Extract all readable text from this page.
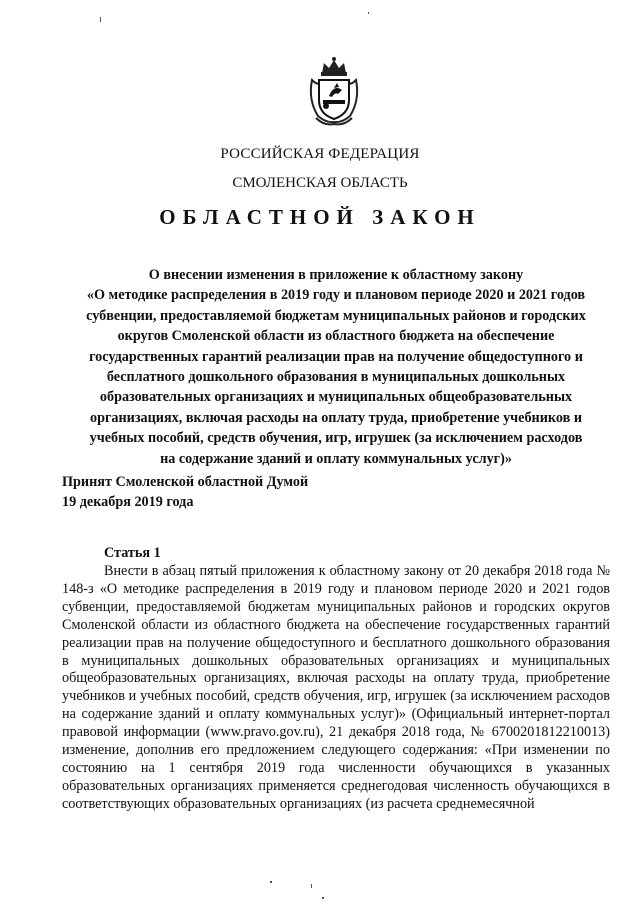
РОССИЙСКАЯ ФЕДЕРАЦИЯ
СМОЛЕНСКАЯ ОБЛАСТЬ
ОБЛАСТНОЙ ЗАКОН
О внесении изменения в приложение к областному закону
«О методике распределения в 2019 году и плановом периоде 2020 и 2021 годов
субвенции, предоставляемой бюджетам муниципальных районов и городских
округов Смоленской области из областного бюджета на обеспечение
государственных гарантий реализации прав на получение общедоступного и
бесплатного дошкольного образования в муниципальных дошкольных
образовательных организациях и муниципальных общеобразовательных
организациях, включая расходы на оплату труда, приобретение учебников и
учебных пособий, средств обучения, игр, игрушек (за исключением расходов
на содержание зданий и оплату коммунальных услуг)»
Принят Смоленской областной Думой
19 декабря 2019 года
Статья 1
Внести в абзац пятый приложения к областному закону от 20 декабря 2018 года № 148-з «О методике распределения в 2019 году и плановом периоде 2020 и 2021 годов субвенции, предоставляемой бюджетам муниципальных районов и городских округов Смоленской области из областного бюджета на обеспечение государственных гарантий реализации прав на получение общедоступного и бесплатного дошкольного образования в муниципальных дошкольных образовательных организациях и муниципальных общеобразовательных организациях, включая расходы на оплату труда, приобретение учебников и учебных пособий, средств обучения, игр, игрушек (за исключением расходов на содержание зданий и оплату коммунальных услуг)» (Официальный интернет-портал правовой информации (www.pravo.gov.ru), 21 декабря 2018 года, № 6700201812210013) изменение, дополнив его предложением следующего содержания: «При изменении по состоянию на 1 сентября 2019 года численности обучающихся в указанных образовательных организациях применяется среднегодовая численность обучающихся в соответствующих образовательных организациях (из расчета среднемесячной
